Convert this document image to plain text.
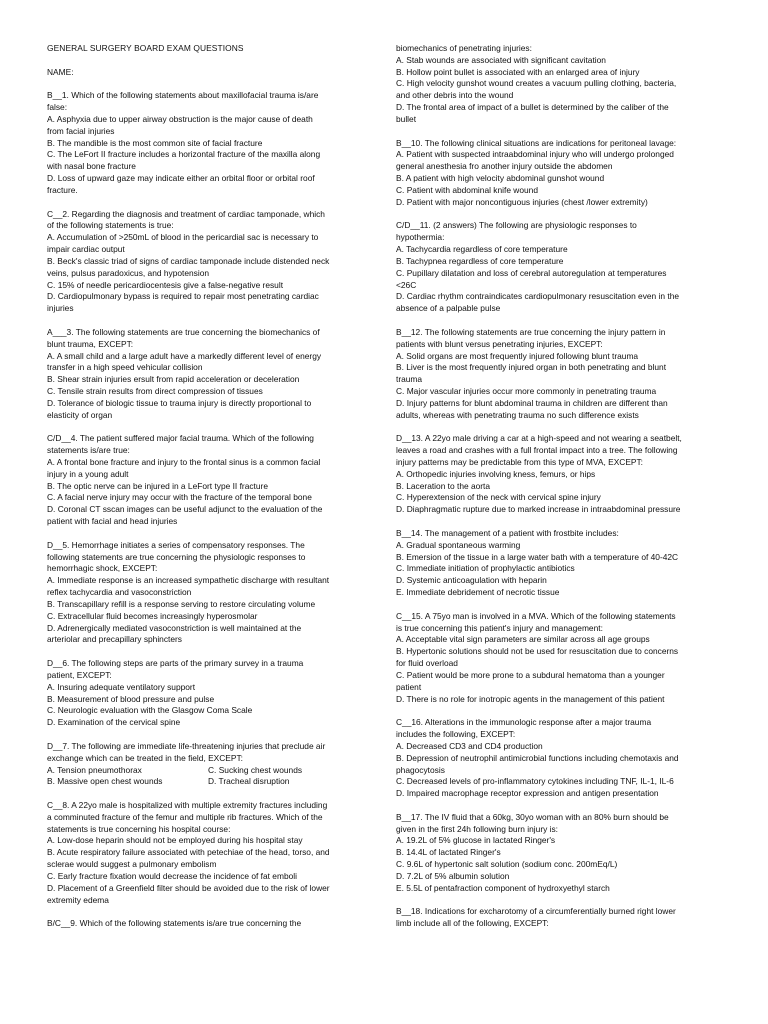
GENERAL SURGERY BOARD EXAM QUESTIONS
NAME:
B__1. Which of the following statements about maxillofacial trauma is/are
false:
A. Asphyxia due to upper airway obstruction is the major cause of death
from facial injuries
B. The mandible is the most common site of facial fracture
C. The LeFort II fracture includes a horizontal fracture of the maxilla along
with nasal bone fracture
D. Loss of upward gaze may indicate either an orbital floor or orbital roof
fracture.
C__2. Regarding the diagnosis and treatment of cardiac tamponade, which
of the following statements is true:
A. Accumulation of >250mL of blood in the pericardial sac is necessary to
impair cardiac output
B. Beck's classic triad of signs of cardiac tamponade include distended neck
veins, pulsus paradoxicus, and hypotension
C. 15% of needle pericardiocentesis give a false-negative result
D. Cardiopulmonary bypass is required to repair most penetrating cardiac
injuries
A___3. The following statements are true concerning the biomechanics of
blunt trauma, EXCEPT:
A. A small child and a large adult have a markedly different level of energy
transfer in a high speed vehicular collision
B. Shear strain injuries ersult from rapid acceleration or deceleration
C. Tensile strain results from direct compression of tissues
D. Tolerance of biologic tissue to trauma injury is directly proportional to
elasticity of organ
C/D__4. The patient suffered major facial trauma. Which of the following
statements is/are true:
A. A frontal bone fracture and injury to the frontal sinus is a common facial
injury in a young adult
B. The optic nerve can be injured in a LeFort type II fracture
C. A facial nerve injury may occur with the fracture of the temporal bone
D. Coronal CT sscan images can be useful adjunct to the evaluation of the
patient with facial and head injuries
D__5. Hemorrhage initiates a series of compensatory responses. The
following statements are true concerning the physiologic responses to
hemorrhagic shock, EXCEPT:
A. Immediate response is an increased sympathetic discharge with resultant
reflex tachycardia and vasoconstriction
B. Transcapillary refill is a response serving to restore circulating volume
C. Extracellular fluid becomes increasingly hyperosmolar
D. Adrenergically mediated vasoconstriction is well maintained at the
arteriolar and precapillary sphincters
D__6. The following steps are parts of the primary survey in a trauma
patient, EXCEPT:
A. Insuring adequate ventilatory support
B. Measurement of blood pressure and pulse
C. Neurologic evaluation with the Glasgow Coma Scale
D. Examination of the cervical spine
D__7. The following are immediate life-threatening injuries that preclude air
exchange which can be treated in the field, EXCEPT:
A. Tension pneumothorax	C. Sucking chest wounds
B. Massive open chest wounds	D. Tracheal disruption
C__8. A 22yo male is hospitalized with multiple extremity fractures including
a comminuted fracture of the femur and multiple rib fractures. Which of the
statements is true concerning his hospital course:
A. Low-dose heparin should not be employed during his hospital stay
B. Acute respiratory failure associated with petechiae of the head, torso, and
sclerae would suggest a pulmonary embolism
C. Early fracture fixation would decrease the incidence of fat emboli
D. Placement of a Greenfield filter should be avoided due to the risk of lower
extremity edema
B/C__9. Which of the following statements is/are true concerning the
biomechanics of penetrating injuries:
A. Stab wounds are associated with significant cavitation
B. Hollow point bullet is associated with an enlarged area of injury
C. High velocity gunshot wound creates a vacuum pulling clothing, bacteria,
and other debris into the wound
D. The frontal area of impact of a bullet is determined by the caliber of the
bullet
B__10. The following clinical situations are indications for peritoneal lavage:
A. Patient with suspected intraabdominal injury who will undergo prolonged
general anesthesia fro another injury outside the abdomen
B. A patient with high velocity abdominal gunshot wound
C. Patient with abdominal knife wound
D. Patient with major noncontiguous injuries (chest /lower extremity)
C/D__11. (2 answers) The following are physiologic responses to
hypothermia:
A. Tachycardia regardless of core temperature
B. Tachypnea regardless of core temperature
C. Pupillary dilatation and loss of cerebral autoregulation at temperatures
<26C
D. Cardiac rhythm contraindicates cardiopulmonary resuscitation even in the
absence of a palpable pulse
B__12. The following statements are true concerning the injury pattern in
patients with blunt versus penetrating injuries, EXCEPT:
A. Solid organs are most frequently injured following blunt trauma
B. Liver is the most frequently injured organ in both penetrating and blunt
trauma
C. Major vascular injuries occur more commonly in penetrating trauma
D. Injury patterns for blunt abdominal trauma in children are different than
adults, whereas with penetrating trauma no such difference exists
D__13. A 22yo male driving a car at a high-speed and not wearing a seatbelt,
leaves a road and crashes with a full frontal impact into a tree. The following
injury patterns may be predictable from this type of MVA, EXCEPT:
A. Orthopedic injuries involving kness, femurs, or hips
B. Laceration to the aorta
C. Hyperextension of the neck with cervical spine injury
D. Diaphragmatic rupture due to marked increase in intraabdominal pressure
B__14. The management of a patient with frostbite includes:
A. Gradual spontaneous warming
B. Emersion of the tissue in a large water bath with a temperature of 40-42C
C. Immediate initiation of prophylactic antibiotics
D. Systemic anticoagulation with heparin
E. Immediate debridement of necrotic tissue
C__15. A 75yo man is involved in a MVA. Which of the following statements
is true concerning this patient's injury and management:
A. Acceptable vital sign parameters are similar across all age groups
B. Hypertonic solutions should not be used for resuscitation due to concerns
for fluid overload
C. Patient would be more prone to a subdural hematoma than a younger
patient
D. There is no role for inotropic agents in the management of this patient
C__16. Alterations in the immunologic response after a major trauma
includes the following, EXCEPT:
A. Decreased CD3 and CD4 production
B. Depression of neutrophil antimicrobial functions including chemotaxis and
phagocytosis
C. Decreased levels of pro-inflammatory cytokines including TNF, IL-1, IL-6
D. Impaired macrophage receptor expression and antigen presentation
B__17. The IV fluid that a 60kg, 30yo woman with an 80% burn should be
given in the first 24h following burn injury is:
A. 19.2L of 5% glucose in lactated Ringer's
B. 14.4L of lactated Ringer's
C. 9.6L of hypertonic salt solution (sodium conc. 200mEq/L)
D. 7.2L of 5% albumin solution
E. 5.5L of pentafraction component of hydroxyethyl starch
B__18. Indications for excharotomy of a circumferentially burned right lower
limb include all of the following, EXCEPT:
